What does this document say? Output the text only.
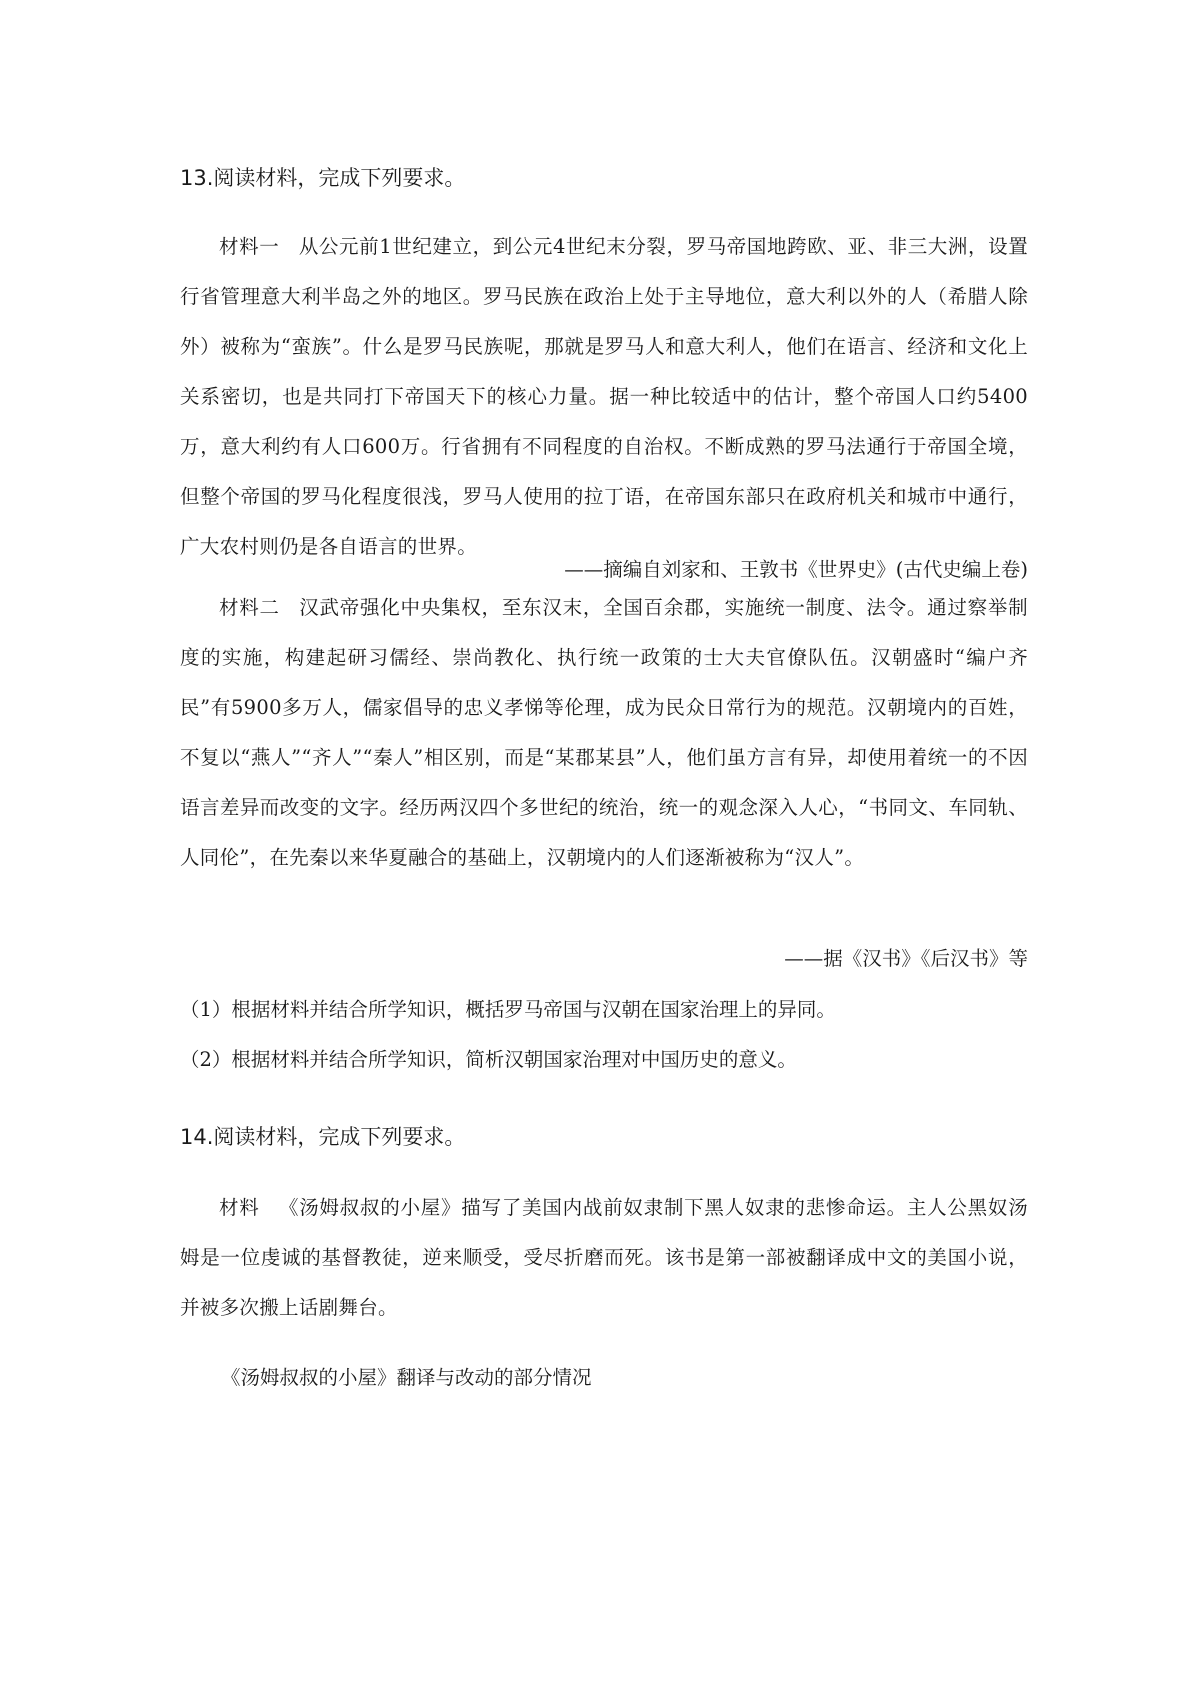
13.阅读材料，完成下列要求。

材料一 从公元前1世纪建立，到公元4世纪末分裂，罗马帝国地跨欧、亚、非三大洲，设置行省管理意大利半岛之外的地区。罗马民族在政治上处于主导地位，意大利以外的人（希腊人除外）被称为“蛮族”。什么是罗马民族呢，那就是罗马人和意大利人，他们在语言、经济和文化上关系密切，也是共同打下帝国天下的核心力量。据一种比较适中的估计，整个帝国人口约5400万，意大利约有人口600万。行省拥有不同程度的自治权。不断成熟的罗马法通行于帝国全境，但整个帝国的罗马化程度很浅，罗马人使用的拉丁语，在帝国东部只在政府机关和城市中通行，广大农村则仍是各自语言的世界。

——摘编自刘家和、王敦书《世界史》(古代史编上卷)

材料二 汉武帝强化中央集权，至东汉末，全国百余郡，实施统一制度、法令。通过察举制度的实施，构建起研习儒经、崇尚教化、执行统一政策的士大夫官僚队伍。汉朝盛时“编户齐民”有5900多万人，儒家倡导的忠义孝悌等伦理，成为民众日常行为的规范。汉朝境内的百姓，不复以“燕人”“齐人”“秦人”相区别，而是“某郡某县”人，他们虽方言有异，却使用着统一的不因语言差异而改变的文字。经历两汉四个多世纪的统治，统一的观念深入人心，“书同文、车同轨、人同伦”，在先秦以来华夏融合的基础上，汉朝境内的人们逐渐被称为“汉人”。

——据《汉书》《后汉书》等
（1）根据材料并结合所学知识，概括罗马帝国与汉朝在国家治理上的异同。
（2）根据材料并结合所学知识，简析汉朝国家治理对中国历史的意义。
14.阅读材料，完成下列要求。

材料 《汤姆叔叔的小屋》描写了美国内战前奴隶制下黑人奴隶的悲惨命运。主人公黑奴汤姆是一位虔诚的基督教徒，逆来顺受，受尽折磨而死。该书是第一部被翻译成中文的美国小说，并被多次搬上话剧舞台。

《汤姆叔叔的小屋》翻译与改动的部分情况
